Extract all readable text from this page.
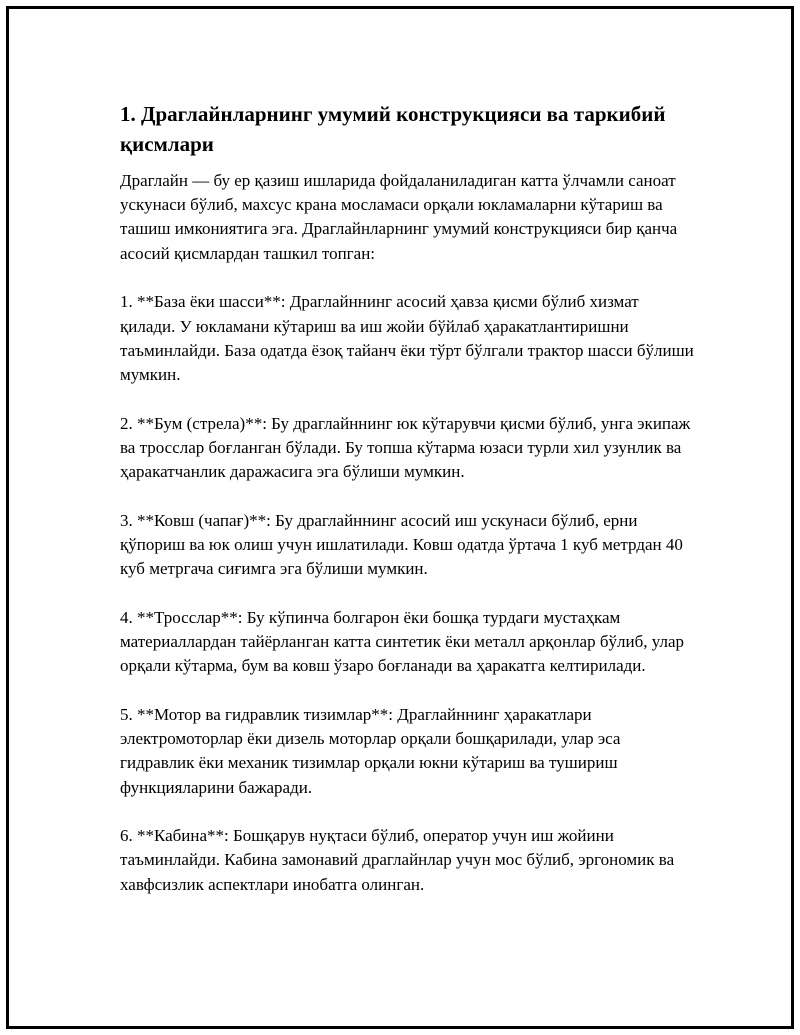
1. Драглайнларнинг умумий конструкцияси ва таркибий қисмлари

Драглайн — бу ер қазиш ишларида фойдаланиладиган катта ўлчамли саноат ускунаси бўлиб, махсус крана мосламаси орқали юкламаларни кўтариш ва ташиш имкониятига эга. Драглайнларнинг умумий конструкцияси бир қанча асосий қисмлардан ташкил топган:

1. **База ёки шасси**: Драглайннинг асосий ҳавза қисми бўлиб хизмат қилади. У юкламани кўтариш ва иш жойи бўйлаб ҳаракатлантиришни таъминлайди. База одатда ёзоқ тайанч ёки тўрт бўлгали трактор шасси бўлиши мумкин.

2. **Бум (стрела)**: Бу драглайннинг юк кўтарувчи қисми бўлиб, унга экипаж ва тросслар боғланган бўлади. Бу топша кўтарма юзаси турли хил узунлик ва ҳаракатчанлик даражасига эга бўлиши мумкин.

3. **Ковш (чапағ)**: Бу драглайннинг асосий иш ускунаси бўлиб, ерни қўпориш ва юк олиш учун ишлатилади. Ковш одатда ўртача 1 куб метрдан 40 куб метргача сиғимга эга бўлиши мумкин.

4. **Тросслар**: Бу кўпинча болгарон ёки бошқа турдаги мустаҳкам материаллардан тайёрланган катта синтетик ёки металл арқонлар бўлиб, улар орқали кўтарма, бум ва ковш ўзаро боғланади ва ҳаракатга келтирилади.

5. **Мотор ва гидравлик тизимлар**: Драглайннинг ҳаракатлари электромоторлар ёки дизель моторлар орқали бошқарилади, улар эса гидравлик ёки механик тизимлар орқали юкни кўтариш ва тушириш функцияларини бажаради.

6. **Кабина**: Бошқарув нуқтаси бўлиб, оператор учун иш жойини таъминлайди. Кабина замонавий драглайнлар учун мос бўлиб, эргономик ва хавфсизлик аспектлари инобатга олинган.
